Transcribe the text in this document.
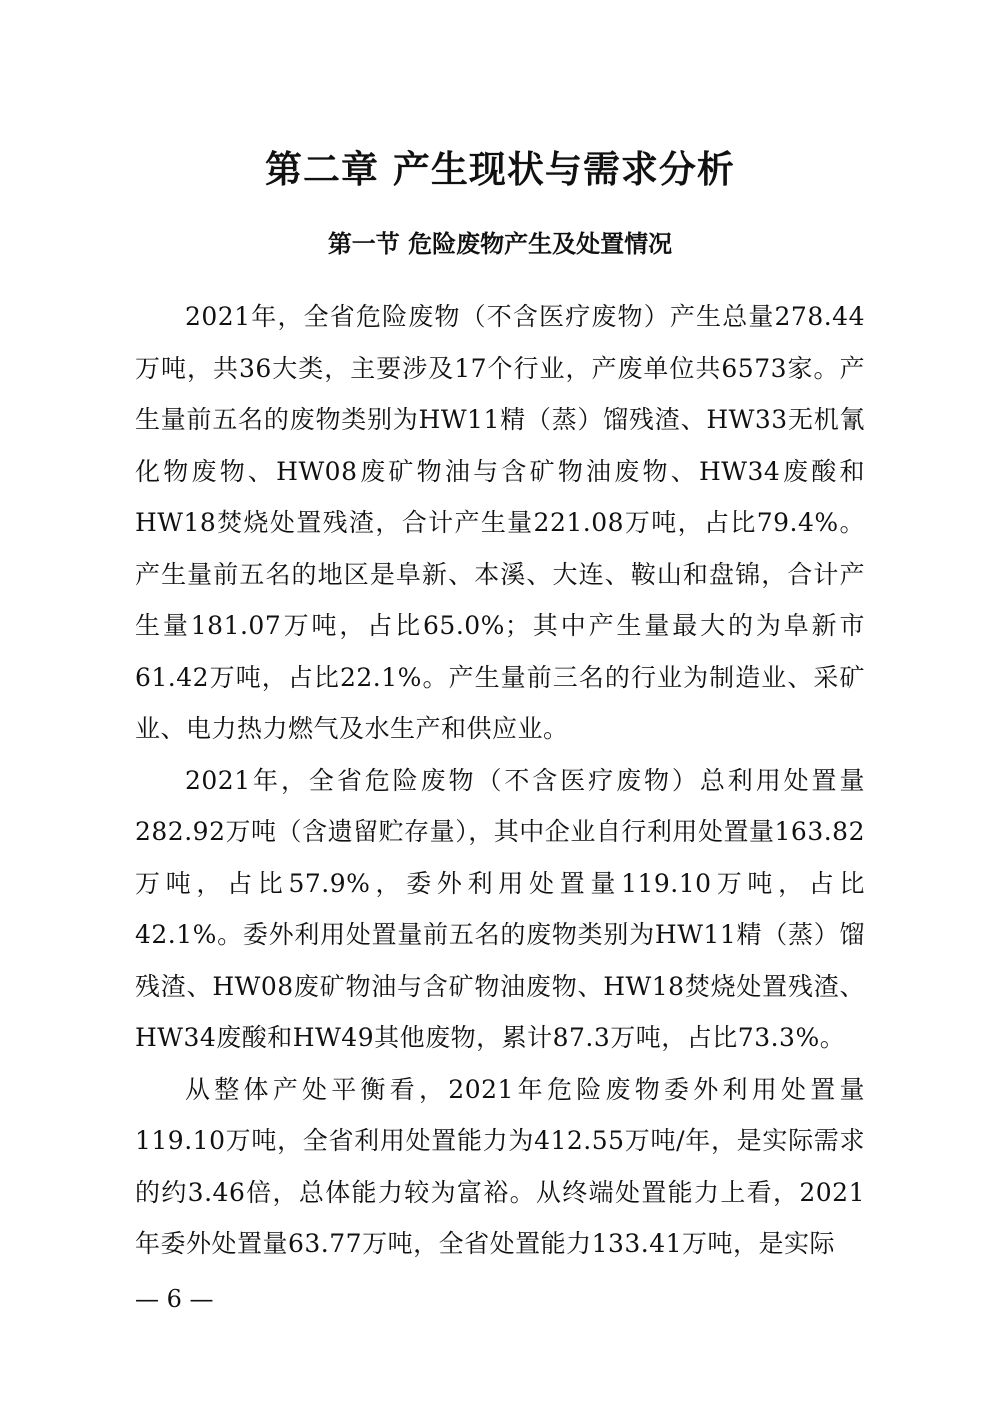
第二章 产生现状与需求分析
第一节 危险废物产生及处置情况

2021年，全省危险废物（不含医疗废物）产生总量278.44万吨，共36大类，主要涉及17个行业，产废单位共6573家。产生量前五名的废物类别为HW11精（蒸）馏残渣、HW33无机氰化物废物、HW08废矿物油与含矿物油废物、HW34废酸和HW18焚烧处置残渣，合计产生量221.08万吨，占比79.4%。产生量前五名的地区是阜新、本溪、大连、鞍山和盘锦，合计产生量181.07万吨，占比65.0%；其中产生量最大的为阜新市61.42万吨，占比22.1%。产生量前三名的行业为制造业、采矿业、电力热力燃气及水生产和供应业。

2021年，全省危险废物（不含医疗废物）总利用处置量282.92万吨（含遗留贮存量），其中企业自行利用处置量163.82万吨，占比57.9%，委外利用处置量119.10万吨，占比42.1%。委外利用处置量前五名的废物类别为HW11精（蒸）馏残渣、HW08废矿物油与含矿物油废物、HW18焚烧处置残渣、HW34废酸和HW49其他废物，累计87.3万吨，占比73.3%。

从整体产处平衡看，2021年危险废物委外利用处置量119.10万吨，全省利用处置能力为412.55万吨/年，是实际需求的约3.46倍，总体能力较为富裕。从终端处置能力上看，2021年委外处置量63.77万吨，全省处置能力133.41万吨，是实际

— 6 —
